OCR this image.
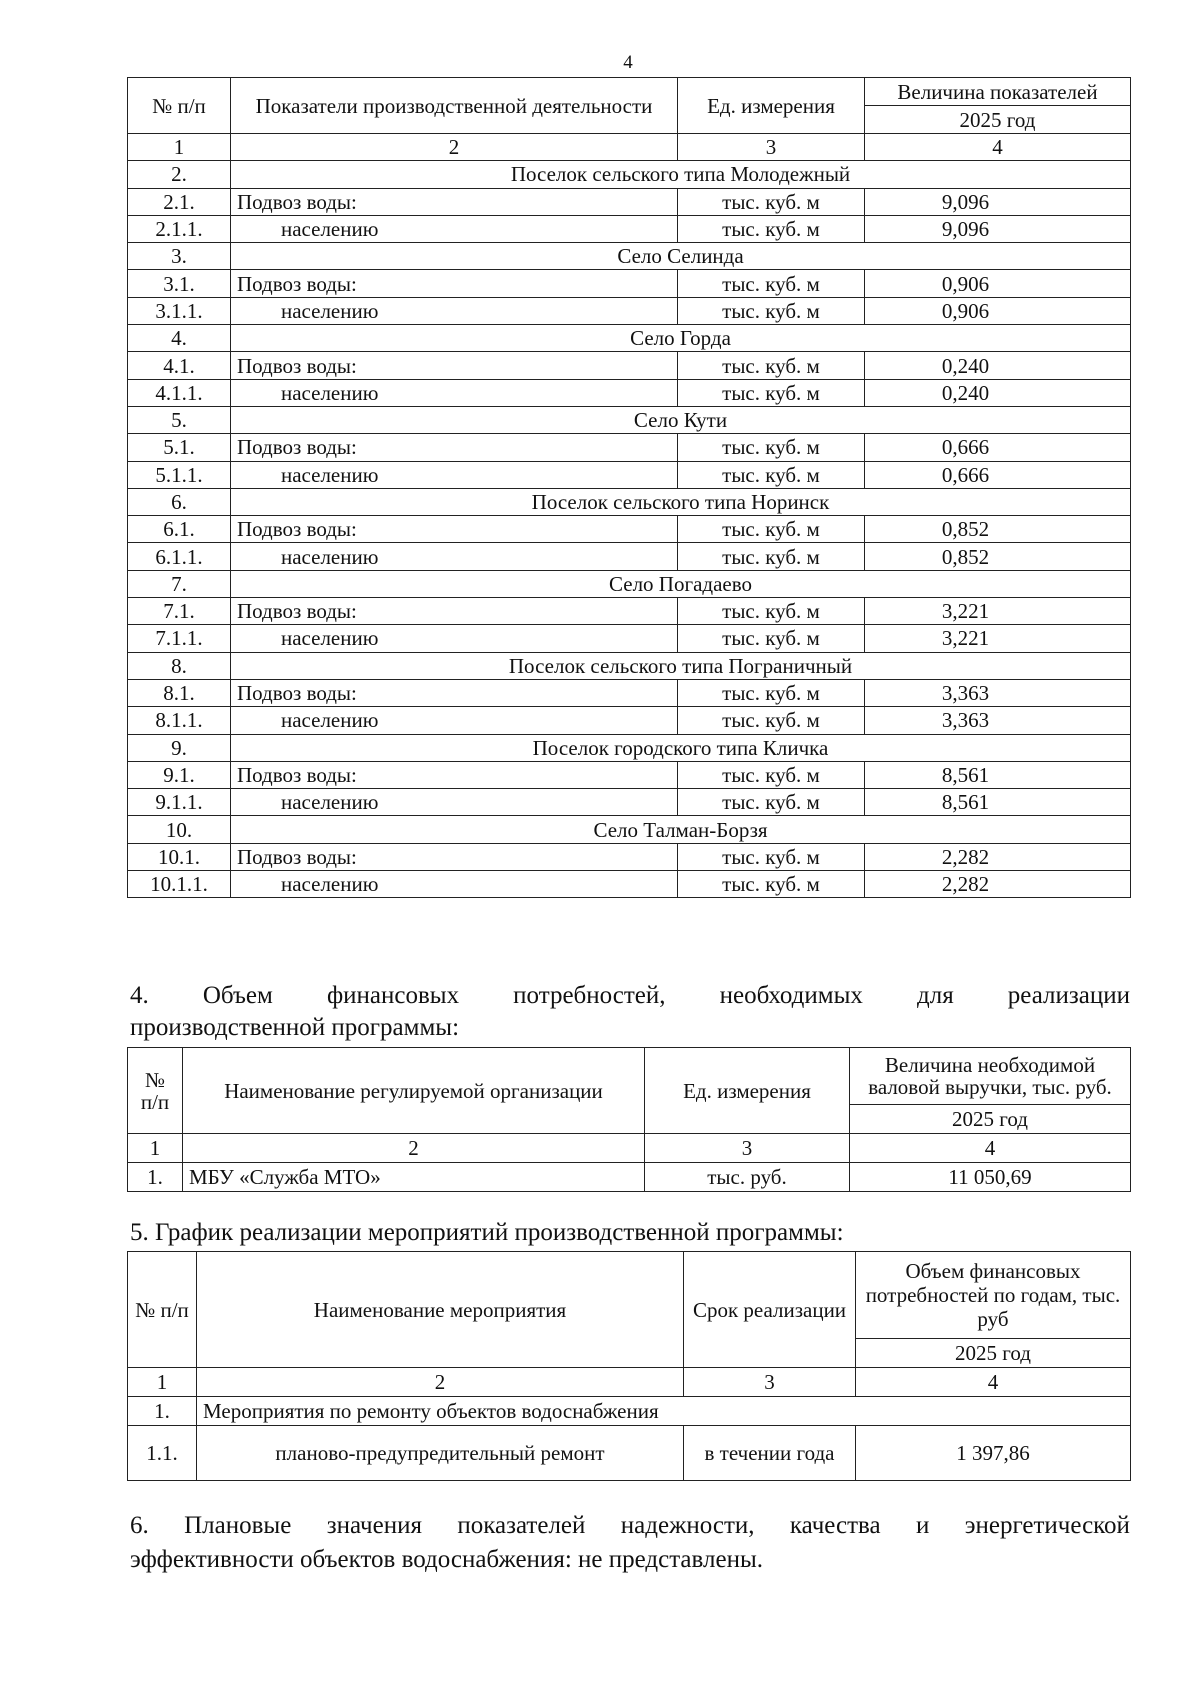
4
№ п/п	Показатели производственной деятельности	Ед. измерения	Величина показателей
			2025 год
1	2	3	4
2.	Поселок сельского типа Молодежный		
2.1.	Подвоз воды:	тыс. куб. м	9,096
2.1.1.	населению	тыс. куб. м	9,096
3.	Село Селинда		
3.1.	Подвоз воды:	тыс. куб. м	0,906
3.1.1.	населению	тыс. куб. м	0,906
4.	Село Горда		
4.1.	Подвоз воды:	тыс. куб. м	0,240
4.1.1.	населению	тыс. куб. м	0,240
5.	Село Кути		
5.1.	Подвоз воды:	тыс. куб. м	0,666
5.1.1.	населению	тыс. куб. м	0,666
6.	Поселок сельского типа Норинск		
6.1.	Подвоз воды:	тыс. куб. м	0,852
6.1.1.	населению	тыс. куб. м	0,852
7.	Село Погадаево		
7.1.	Подвоз воды:	тыс. куб. м	3,221
7.1.1.	населению	тыс. куб. м	3,221
8.	Поселок сельского типа Пограничный		
8.1.	Подвоз воды:	тыс. куб. м	3,363
8.1.1.	населению	тыс. куб. м	3,363
9.	Поселок городского типа Кличка		
9.1.	Подвоз воды:	тыс. куб. м	8,561
9.1.1.	населению	тыс. куб. м	8,561
10.	Село Талман-Борзя		
10.1.	Подвоз воды:	тыс. куб. м	2,282
10.1.1.	населению	тыс. куб. м	2,282
4. Объем финансовых потребностей, необходимых для реализации
производственной программы:
№ п/п	Наименование регулируемой организации	Ед. измерения	Величина необходимой валовой выручки, тыс. руб.
			2025 год
1	2	3	4
1.	МБУ «Служба МТО»	тыс. руб.	11 050,69
5. График реализации мероприятий производственной программы:
№ п/п	Наименование мероприятия	Срок реализации	Объем финансовых потребностей по годам, тыс. руб
			2025 год
1	2	3	4
1.	Мероприятия по ремонту объектов водоснабжения		
1.1.	планово-предупредительный ремонт	в течении года	1 397,86
6. Плановые значения показателей надежности, качества и энергетической
эффективности объектов водоснабжения: не представлены.
